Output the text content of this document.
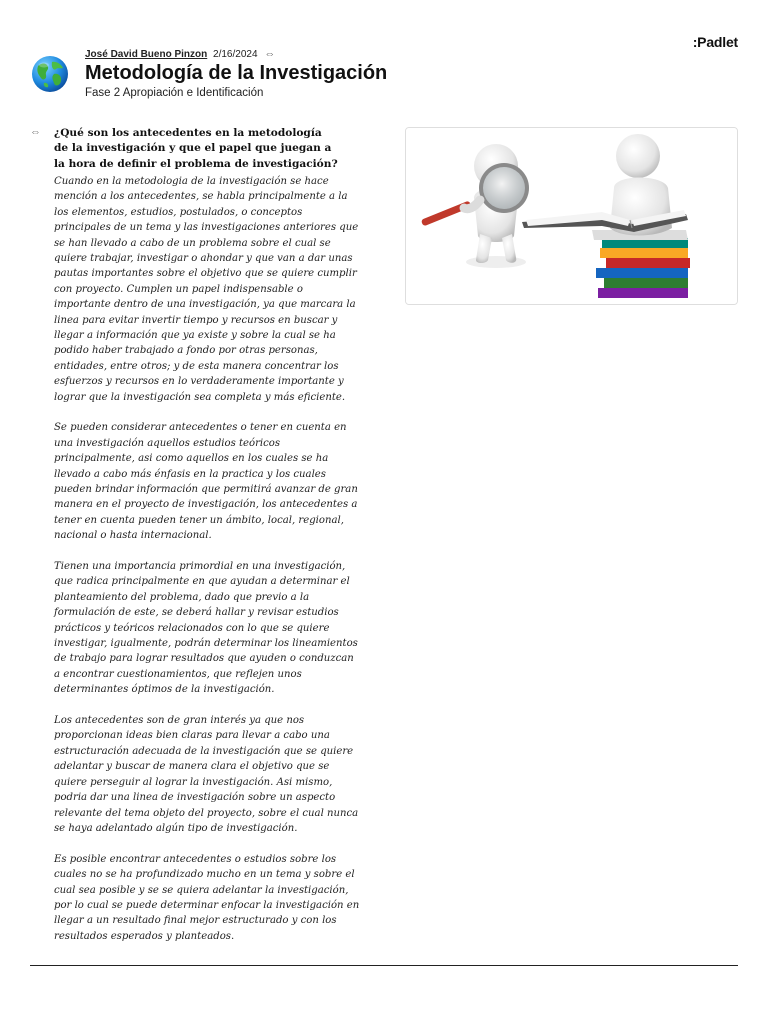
:Padlet
José David Bueno Pinzon 2/16/2024 ⇔
Metodología de la Investigación
Fase 2 Apropiación e Identificación
⇔ ¿Qué son los antecedentes en la metodología
de la investigación y que el papel que juegan a
la hora de definir el problema de investigación?

Cuando en la metodologia de la investigación se hace mención a los antecedentes, se habla principalmente a la los elementos, estudios, postulados, o conceptos principales de un tema y las investigaciones anteriores que se han llevado a cabo de un problema sobre el cual se quiere trabajar, investigar o ahondar y que van a dar unas pautas importantes sobre el objetivo que se quiere cumplir con proyecto. Cumplen un papel indispensable o importante dentro de una investigación, ya que marcara la linea para evitar invertir tiempo y recursos en buscar y llegar a información que ya existe y sobre la cual se ha podido haber trabajado a fondo por otras personas, entidades, entre otros; y de esta manera concentrar los esfuerzos y recursos en lo verdaderamente importante y lograr que la investigación sea completa y más eficiente.

Se pueden considerar antecedentes o tener en cuenta en una investigación aquellos estudios teóricos principalmente, asi como aquellos en los cuales se ha llevado a cabo más énfasis en la practica y los cuales pueden brindar información que permitirá avanzar de gran manera en el proyecto de investigación, los antecedentes a tener en cuenta pueden tener un ámbito, local, regional, nacional o hasta internacional.

Tienen una importancia primordial en una investigación, que radica principalmente en que ayudan a determinar el planteamiento del problema, dado que previo a la formulación de este, se deberá hallar y revisar estudios prácticos y teóricos relacionados con lo que se quiere investigar, igualmente, podrán determinar los lineamientos de trabajo para lograr resultados que ayuden o conduzcan a encontrar cuestionamientos, que reflejen unos determinantes óptimos de la investigación.

Los antecedentes son de gran interés ya que nos proporcionan ideas bien claras para llevar a cabo una estructuración adecuada de la investigación que se quiere adelantar y buscar de manera clara el objetivo que se quiere perseguir al lograr la investigación. Asi mismo, podria dar una linea de investigación sobre un aspecto relevante del tema objeto del proyecto, sobre el cual nunca se haya adelantado algún tipo de investigación.

Es posible encontrar antecedentes o estudios sobre los cuales no se ha profundizado mucho en un tema y sobre el cual sea posible y se se quiera adelantar la investigación, por lo cual se puede determinar enfocar la investigación en llegar a un resultado final mejor estructurado y con los resultados esperados y planteados.
